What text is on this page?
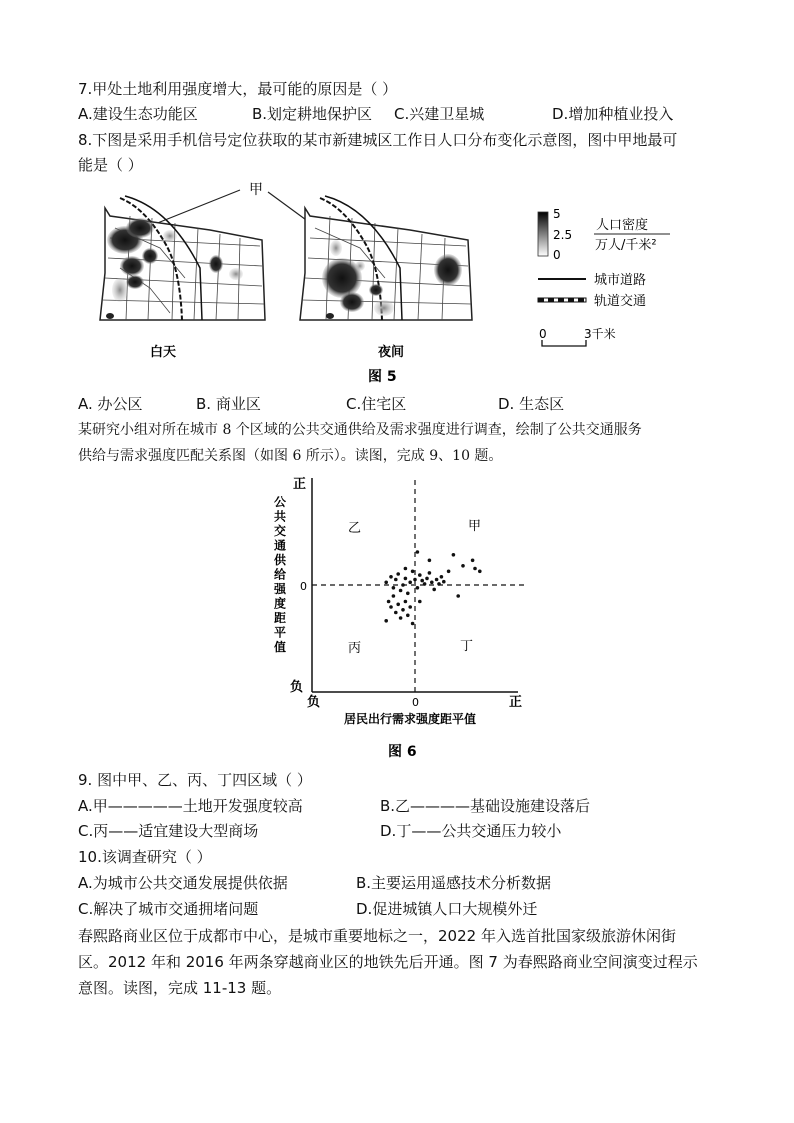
7.甲处土地利用强度增大，最可能的原因是（ ）
A.建设生态功能区	B.划定耕地保护区 C.兴建卫星城	D.增加种植业投入
8.下图是采用手机信号定位获取的某市新建城区工作日人口分布变化示意图，图中甲地最可
能是（ ）
甲
白天	夜间
5
2.5
0
人口密度
万人/千米²
城市道路
轨道交通
0	3千米
图 5
A. 办公区	B. 商业区	C.住宅区	D. 生态区
某研究小组对所在城市 8 个区域的公共交通供给及需求强度进行调查，绘制了公共交通服务
供给与需求强度匹配关系图（如图 6 所示）。读图，完成 9、10 题。
正
负
0
负	0	正
居民出行需求强度距平值
公共交通供给强度距平值
乙	甲
丙	丁
图 6
9. 图中甲、乙、丙、丁四区域（ ）
A.甲—————土地开发强度较高	B.乙————基础设施建设落后
C.丙——适宜建设大型商场	D.丁——公共交通压力较小
10.该调查研究（ ）
A.为城市公共交通发展提供依据	B.主要运用遥感技术分析数据
C.解决了城市交通拥堵问题	D.促进城镇人口大规模外迁
春熙路商业区位于成都市中心，是城市重要地标之一，2022 年入选首批国家级旅游休闲街
区。2012 年和 2016 年两条穿越商业区的地铁先后开通。图 7 为春熙路商业空间演变过程示
意图。读图，完成 11-13 题。
